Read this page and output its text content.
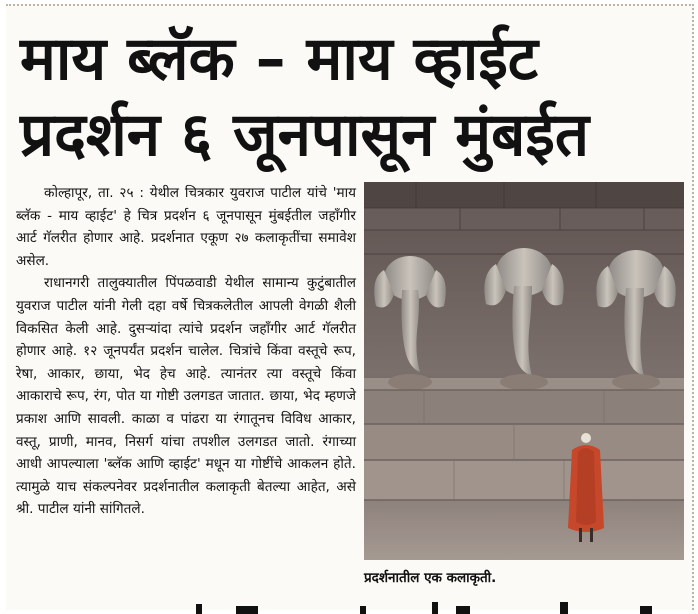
माय ब्लॅक – माय व्हाईट
प्रदर्शन ६ जूनपासून मुंबईत

कोल्हापूर, ता. २५ : येथील चित्रकार युवराज पाटील यांचे 'माय ब्लॅक - माय व्हाईट' हे चित्र प्रदर्शन ६ जूनपासून मुंबईतील जहाँगीर आर्ट गॅलरीत होणार आहे. प्रदर्शनात एकूण २७ कलाकृतींचा समावेश असेल.

राधानगरी तालुक्यातील पिंपळवाडी येथील सामान्य कुटुंबातील युवराज पाटील यांनी गेली दहा वर्षे चित्रकलेतील आपली वेगळी शैली विकसित केली आहे. दुसऱ्यांदा त्यांचे प्रदर्शन जहाँगीर आर्ट गॅलरीत होणार आहे. १२ जूनपर्यंत प्रदर्शन चालेल. चित्रांचे किंवा वस्तूचे रूप, रेषा, आकार, छाया, भेद हेच आहे. त्यानंतर त्या वस्तूचे किंवा आकाराचे रूप, रंग, पोत या गोष्टी उलगडत जातात. छाया, भेद म्हणजे प्रकाश आणि सावली. काळा व पांढरा या रंगातूनच विविध आकार, वस्तू, प्राणी, मानव, निसर्ग यांचा तपशील उलगडत जातो. रंगाच्या आधी आपल्याला 'ब्लॅक आणि व्हाईट' मधून या गोष्टींचे आकलन होते. त्यामुळे याच संकल्पनेवर प्रदर्शनातील कलाकृती बेतल्या आहेत, असे श्री. पाटील यांनी सांगितले.

प्रदर्शनातील एक कलाकृती.
